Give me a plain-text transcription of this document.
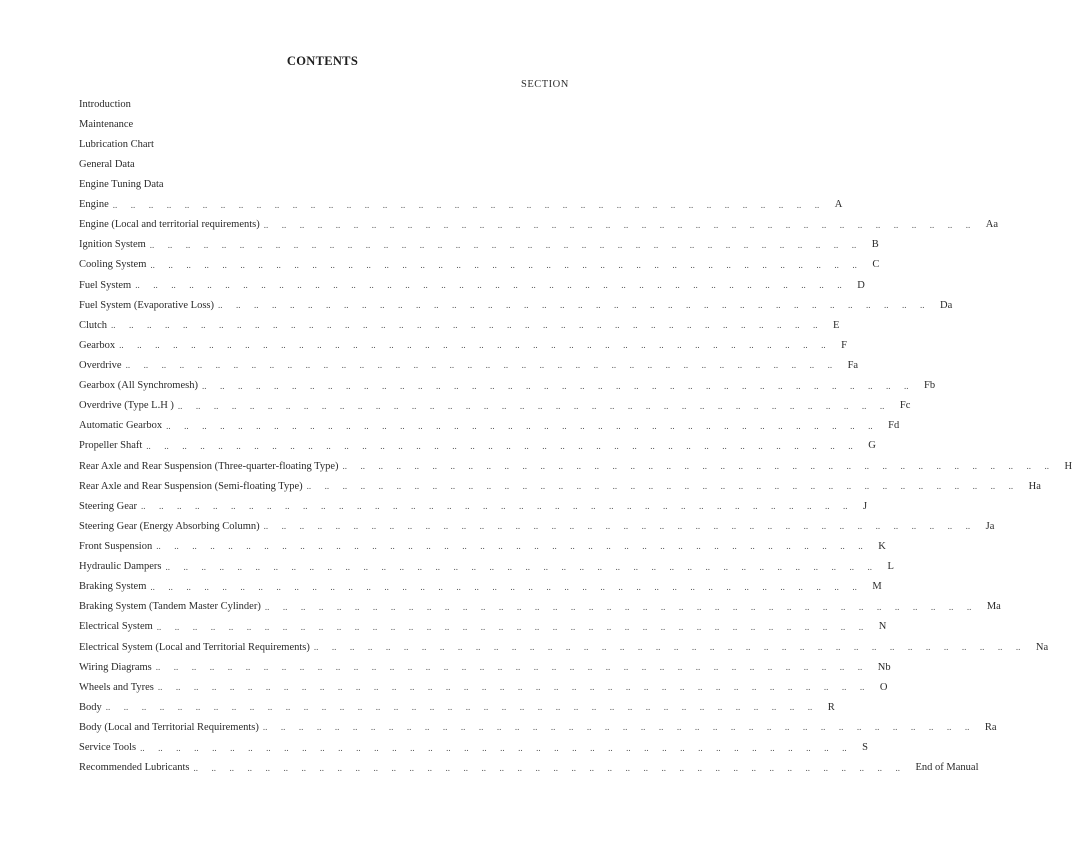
CONTENTS
SECTION
Introduction
Maintenance
Lubrication Chart
General Data
Engine Tuning Data
Engine ..      ..      ..      ..      ..      ..      ..      ..      ..      ..      ..      ..      ..      ..      ..      ..      ..      ..      ..      ..      ..      ..      ..      ..      ..      ..      ..      ..      ..      ..      ..      ..      ..      ..      ..      ..      ..      ..      ..      .. A
Engine (Local and territorial requirements) ..      ..      ..      ..      ..      ..      ..      ..      ..      ..      ..      ..      ..      ..      ..      ..      ..      ..      ..      ..      ..      ..      ..      ..      ..      ..      ..      ..      ..      ..      ..      ..      ..      ..      ..      ..      ..      ..      ..      .. Aa
Ignition System ..      ..      ..      ..      ..      ..      ..      ..      ..      ..      ..      ..      ..      ..      ..      ..      ..      ..      ..      ..      ..      ..      ..      ..      ..      ..      ..      ..      ..      ..      ..      ..      ..      ..      ..      ..      ..      ..      ..      .. B
Cooling System ..      ..      ..      ..      ..      ..      ..      ..      ..      ..      ..      ..      ..      ..      ..      ..      ..      ..      ..      ..      ..      ..      ..      ..      ..      ..      ..      ..      ..      ..      ..      ..      ..      ..      ..      ..      ..      ..      ..      .. C
Fuel System ..      ..      ..      ..      ..      ..      ..      ..      ..      ..      ..      ..      ..      ..      ..      ..      ..      ..      ..      ..      ..      ..      ..      ..      ..      ..      ..      ..      ..      ..      ..      ..      ..      ..      ..      ..      ..      ..      ..      .. D
Fuel System (Evaporative Loss) ..      ..      ..      ..      ..      ..      ..      ..      ..      ..      ..      ..      ..      ..      ..      ..      ..      ..      ..      ..      ..      ..      ..      ..      ..      ..      ..      ..      ..      ..      ..      ..      ..      ..      ..      ..      ..      ..      ..      .. Da
Clutch ..      ..      ..      ..      ..      ..      ..      ..      ..      ..      ..      ..      ..      ..      ..      ..      ..      ..      ..      ..      ..      ..      ..      ..      ..      ..      ..      ..      ..      ..      ..      ..      ..      ..      ..      ..      ..      ..      ..      .. E
Gearbox ..      ..      ..      ..      ..      ..      ..      ..      ..      ..      ..      ..      ..      ..      ..      ..      ..      ..      ..      ..      ..      ..      ..      ..      ..      ..      ..      ..      ..      ..      ..      ..      ..      ..      ..      ..      ..      ..      ..      .. F
Overdrive ..      ..      ..      ..      ..      ..      ..      ..      ..      ..      ..      ..      ..      ..      ..      ..      ..      ..      ..      ..      ..      ..      ..      ..      ..      ..      ..      ..      ..      ..      ..      ..      ..      ..      ..      ..      ..      ..      ..      .. Fa
Gearbox (All Synchromesh) ..      ..      ..      ..      ..      ..      ..      ..      ..      ..      ..      ..      ..      ..      ..      ..      ..      ..      ..      ..      ..      ..      ..      ..      ..      ..      ..      ..      ..      ..      ..      ..      ..      ..      ..      ..      ..      ..      ..      .. Fb
Overdrive (Type L.H ) ..      ..      ..      ..      ..      ..      ..      ..      ..      ..      ..      ..      ..      ..      ..      ..      ..      ..      ..      ..      ..      ..      ..      ..      ..      ..      ..      ..      ..      ..      ..      ..      ..      ..      ..      ..      ..      ..      ..      .. Fc
Automatic Gearbox ..      ..      ..      ..      ..      ..      ..      ..      ..      ..      ..      ..      ..      ..      ..      ..      ..      ..      ..      ..      ..      ..      ..      ..      ..      ..      ..      ..      ..      ..      ..      ..      ..      ..      ..      ..      ..      ..      ..      .. Fd
Propeller Shaft ..      ..      ..      ..      ..      ..      ..      ..      ..      ..      ..      ..      ..      ..      ..      ..      ..      ..      ..      ..      ..      ..      ..      ..      ..      ..      ..      ..      ..      ..      ..      ..      ..      ..      ..      ..      ..      ..      ..      .. G
Rear Axle and Rear Suspension (Three-quarter-floating Type) ..      ..      ..      ..      ..      ..      ..      ..      ..      ..      ..      ..      ..      ..      ..      ..      ..      ..      ..      ..      ..      ..      ..      ..      ..      ..      ..      ..      ..      ..      ..      ..      ..      ..      ..      ..      ..      ..      ..      .. H
Rear Axle and Rear Suspension (Semi-floating Type) ..      ..      ..      ..      ..      ..      ..      ..      ..      ..      ..      ..      ..      ..      ..      ..      ..      ..      ..      ..      ..      ..      ..      ..      ..      ..      ..      ..      ..      ..      ..      ..      ..      ..      ..      ..      ..      ..      ..      .. Ha
Steering Gear ..      ..      ..      ..      ..      ..      ..      ..      ..      ..      ..      ..      ..      ..      ..      ..      ..      ..      ..      ..      ..      ..      ..      ..      ..      ..      ..      ..      ..      ..      ..      ..      ..      ..      ..      ..      ..      ..      ..      .. J
Steering Gear (Energy Absorbing Column) ..      ..      ..      ..      ..      ..      ..      ..      ..      ..      ..      ..      ..      ..      ..      ..      ..      ..      ..      ..      ..      ..      ..      ..      ..      ..      ..      ..      ..      ..      ..      ..      ..      ..      ..      ..      ..      ..      ..      .. Ja
Front Suspension ..      ..      ..      ..      ..      ..      ..      ..      ..      ..      ..      ..      ..      ..      ..      ..      ..      ..      ..      ..      ..      ..      ..      ..      ..      ..      ..      ..      ..      ..      ..      ..      ..      ..      ..      ..      ..      ..      ..      .. K
Hydraulic Dampers ..      ..      ..      ..      ..      ..      ..      ..      ..      ..      ..      ..      ..      ..      ..      ..      ..      ..      ..      ..      ..      ..      ..      ..      ..      ..      ..      ..      ..      ..      ..      ..      ..      ..      ..      ..      ..      ..      ..      .. L
Braking System ..      ..      ..      ..      ..      ..      ..      ..      ..      ..      ..      ..      ..      ..      ..      ..      ..      ..      ..      ..      ..      ..      ..      ..      ..      ..      ..      ..      ..      ..      ..      ..      ..      ..      ..      ..      ..      ..      ..      .. M
Braking System (Tandem Master Cylinder) ..      ..      ..      ..      ..      ..      ..      ..      ..      ..      ..      ..      ..      ..      ..      ..      ..      ..      ..      ..      ..      ..      ..      ..      ..      ..      ..      ..      ..      ..      ..      ..      ..      ..      ..      ..      ..      ..      ..      .. Ma
Electrical System ..      ..      ..      ..      ..      ..      ..      ..      ..      ..      ..      ..      ..      ..      ..      ..      ..      ..      ..      ..      ..      ..      ..      ..      ..      ..      ..      ..      ..      ..      ..      ..      ..      ..      ..      ..      ..      ..      ..      .. N
Electrical System (Local and Territorial Requirements) ..      ..      ..      ..      ..      ..      ..      ..      ..      ..      ..      ..      ..      ..      ..      ..      ..      ..      ..      ..      ..      ..      ..      ..      ..      ..      ..      ..      ..      ..      ..      ..      ..      ..      ..      ..      ..      ..      ..      .. Na
Wiring Diagrams ..      ..      ..      ..      ..      ..      ..      ..      ..      ..      ..      ..      ..      ..      ..      ..      ..      ..      ..      ..      ..      ..      ..      ..      ..      ..      ..      ..      ..      ..      ..      ..      ..      ..      ..      ..      ..      ..      ..      .. Nb
Wheels and Tyres ..      ..      ..      ..      ..      ..      ..      ..      ..      ..      ..      ..      ..      ..      ..      ..      ..      ..      ..      ..      ..      ..      ..      ..      ..      ..      ..      ..      ..      ..      ..      ..      ..      ..      ..      ..      ..      ..      ..      .. O
Body ..      ..      ..      ..      ..      ..      ..      ..      ..      ..      ..      ..      ..      ..      ..      ..      ..      ..      ..      ..      ..      ..      ..      ..      ..      ..      ..      ..      ..      ..      ..      ..      ..      ..      ..      ..      ..      ..      ..      .. R
Body (Local and Territorial Requirements) ..      ..      ..      ..      ..      ..      ..      ..      ..      ..      ..      ..      ..      ..      ..      ..      ..      ..      ..      ..      ..      ..      ..      ..      ..      ..      ..      ..      ..      ..      ..      ..      ..      ..      ..      ..      ..      ..      ..      .. Ra
Service Tools ..      ..      ..      ..      ..      ..      ..      ..      ..      ..      ..      ..      ..      ..      ..      ..      ..      ..      ..      ..      ..      ..      ..      ..      ..      ..      ..      ..      ..      ..      ..      ..      ..      ..      ..      ..      ..      ..      ..      .. S
Recommended Lubricants ..      ..      ..      ..      ..      ..      ..      ..      ..      ..      ..      ..      ..      ..      ..      ..      ..      ..      ..      ..      ..      ..      ..      ..      ..      ..      ..      ..      ..      ..      ..      ..      ..      ..      ..      ..      ..      ..      ..      .. End of Manual
